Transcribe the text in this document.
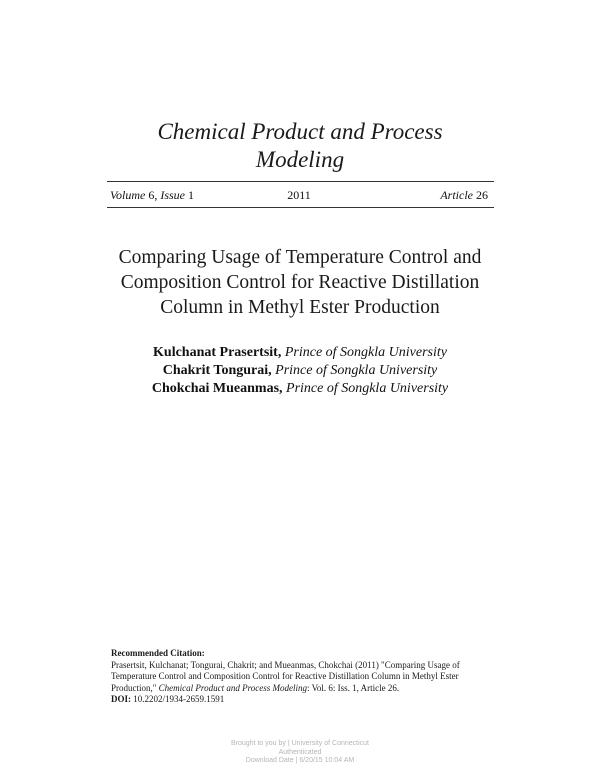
Chemical Product and Process
Modeling
Volume 6, Issue 1	2011	Article 26
Comparing Usage of Temperature Control and
Composition Control for Reactive Distillation
Column in Methyl Ester Production
Kulchanat Prasertsit, Prince of Songkla University
Chakrit Tongurai, Prince of Songkla University
Chokchai Mueanmas, Prince of Songkla University
Recommended Citation:
Prasertsit, Kulchanat; Tongurai, Chakrit; and Mueanmas, Chokchai (2011) "Comparing Usage of
Temperature Control and Composition Control for Reactive Distillation Column in Methyl Ester
Production," Chemical Product and Process Modeling: Vol. 6: Iss. 1, Article 26.
DOI: 10.2202/1934-2659.1591
Brought to you by | University of Connecticut
Authenticated
Download Date | 6/20/15 10:04 AM
